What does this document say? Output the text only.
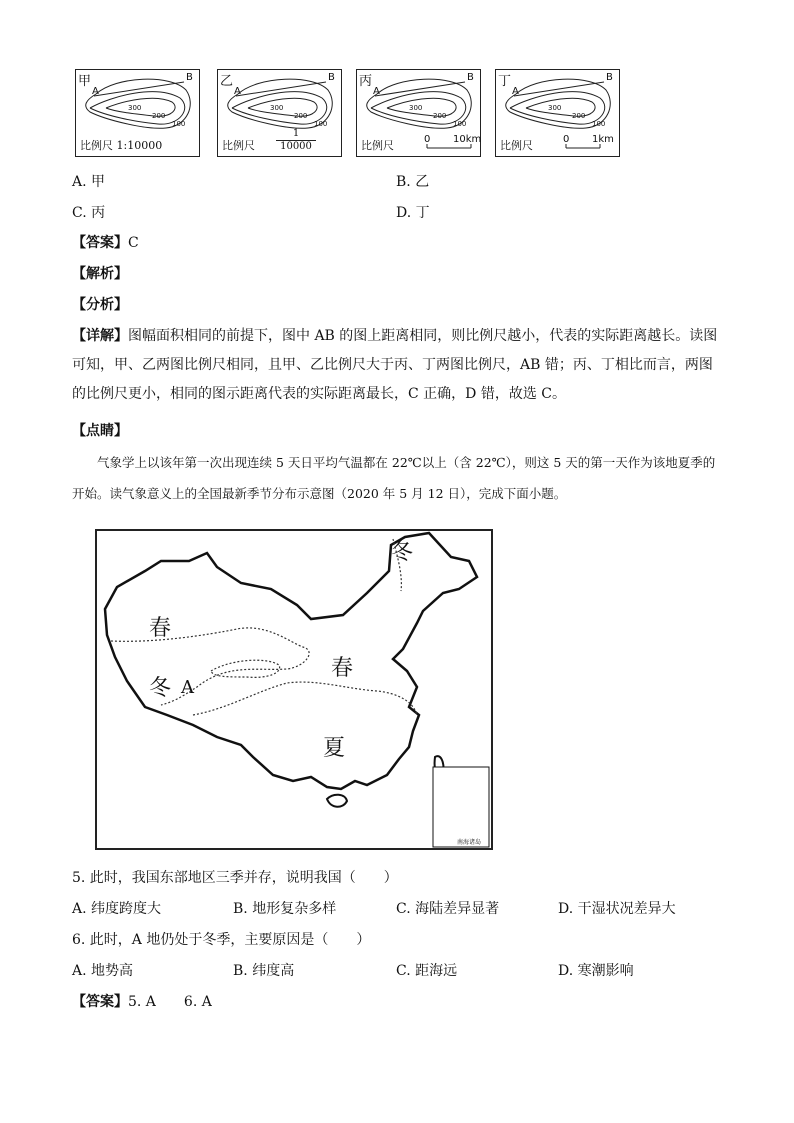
甲
A
B
300
200
100
比例尺 1:10000
乙
A
B
300
200
100
比例尺 $\frac{1}{10000}$
丙
A
B
300
200
100
比例尺	0 10km
丁
A
B
300
200
100
比例尺	0 1km
A. 甲	B. 乙
C. 丙	D. 丁
【答案】C
【解析】
【分析】
【详解】图幅面积相同的前提下，图中 AB 的图上距离相同，则比例尺越小，代表的实际距离越长。读图可知，甲、乙两图比例尺相同，且甲、乙比例尺大于丙、丁两图比例尺，AB 错；丙、丁相比而言，两图的比例尺更小，相同的图示距离代表的实际距离最长，C 正确，D 错，故选 C。
【点睛】
气象学上以该年第一次出现连续 5 天日平均气温都在 22℃以上（含 22℃），则这 5 天的第一天作为该地夏季的开始。读气象意义上的全国最新季节分布示意图（2020 年 5 月 12 日），完成下面小题。
冬
春
冬 A
春
夏
南海诸岛
5. 此时，我国东部地区三季并存，说明我国（　　）
A. 纬度跨度大	B. 地形复杂多样	C. 海陆差异显著	D. 干湿状况差异大
6. 此时，A 地仍处于冬季，主要原因是（　　）
A. 地势高	B. 纬度高	C. 距海远	D. 寒潮影响
【答案】5. A　　6. A
